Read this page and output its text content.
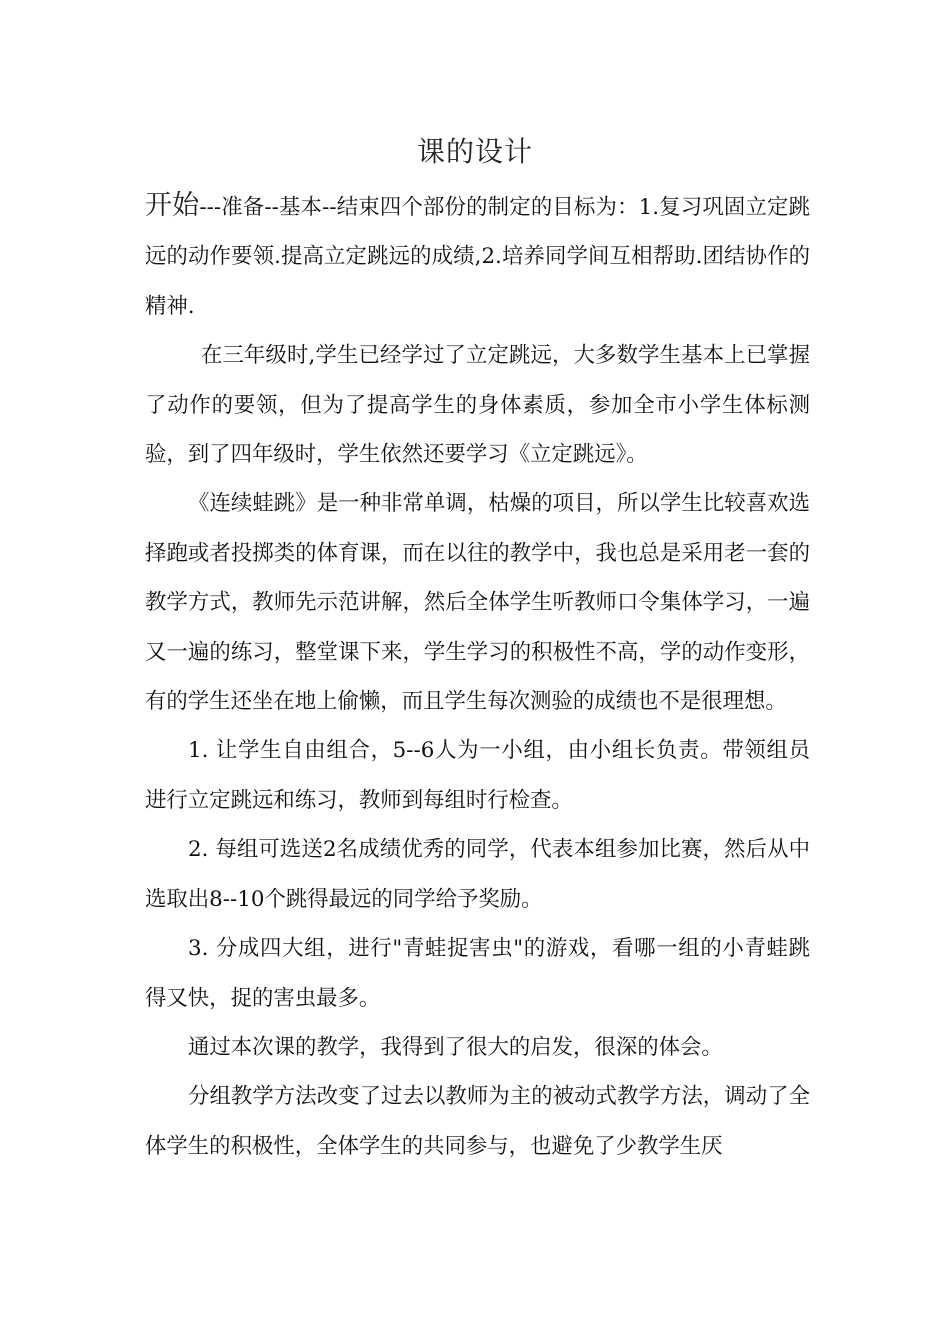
课的设计

开始---准备--基本--结束四个部份的制定的目标为：1.复习巩固立定跳远的动作要领.提高立定跳远的成绩,2.培养同学间互相帮助.团结协作的精神.

在三年级时,学生已经学过了立定跳远，大多数学生基本上已掌握了动作的要领，但为了提高学生的身体素质，参加全市小学生体标测验，到了四年级时，学生依然还要学习《立定跳远》。

《连续蛙跳》是一种非常单调，枯燥的项目，所以学生比较喜欢选择跑或者投掷类的体育课，而在以往的教学中，我也总是采用老一套的教学方式，教师先示范讲解，然后全体学生听教师口令集体学习，一遍又一遍的练习，整堂课下来，学生学习的积极性不高，学的动作变形，有的学生还坐在地上偷懒，而且学生每次测验的成绩也不是很理想。

1. 让学生自由组合，5--6人为一小组，由小组长负责。带领组员进行立定跳远和练习，教师到每组时行检查。

2. 每组可选送2名成绩优秀的同学，代表本组参加比赛，然后从中选取出8--10个跳得最远的同学给予奖励。

3. 分成四大组，进行"青蛙捉害虫"的游戏，看哪一组的小青蛙跳得又快，捉的害虫最多。

通过本次课的教学，我得到了很大的启发，很深的体会。

分组教学方法改变了过去以教师为主的被动式教学方法，调动了全体学生的积极性，全体学生的共同参与，也避免了少教学生厌
